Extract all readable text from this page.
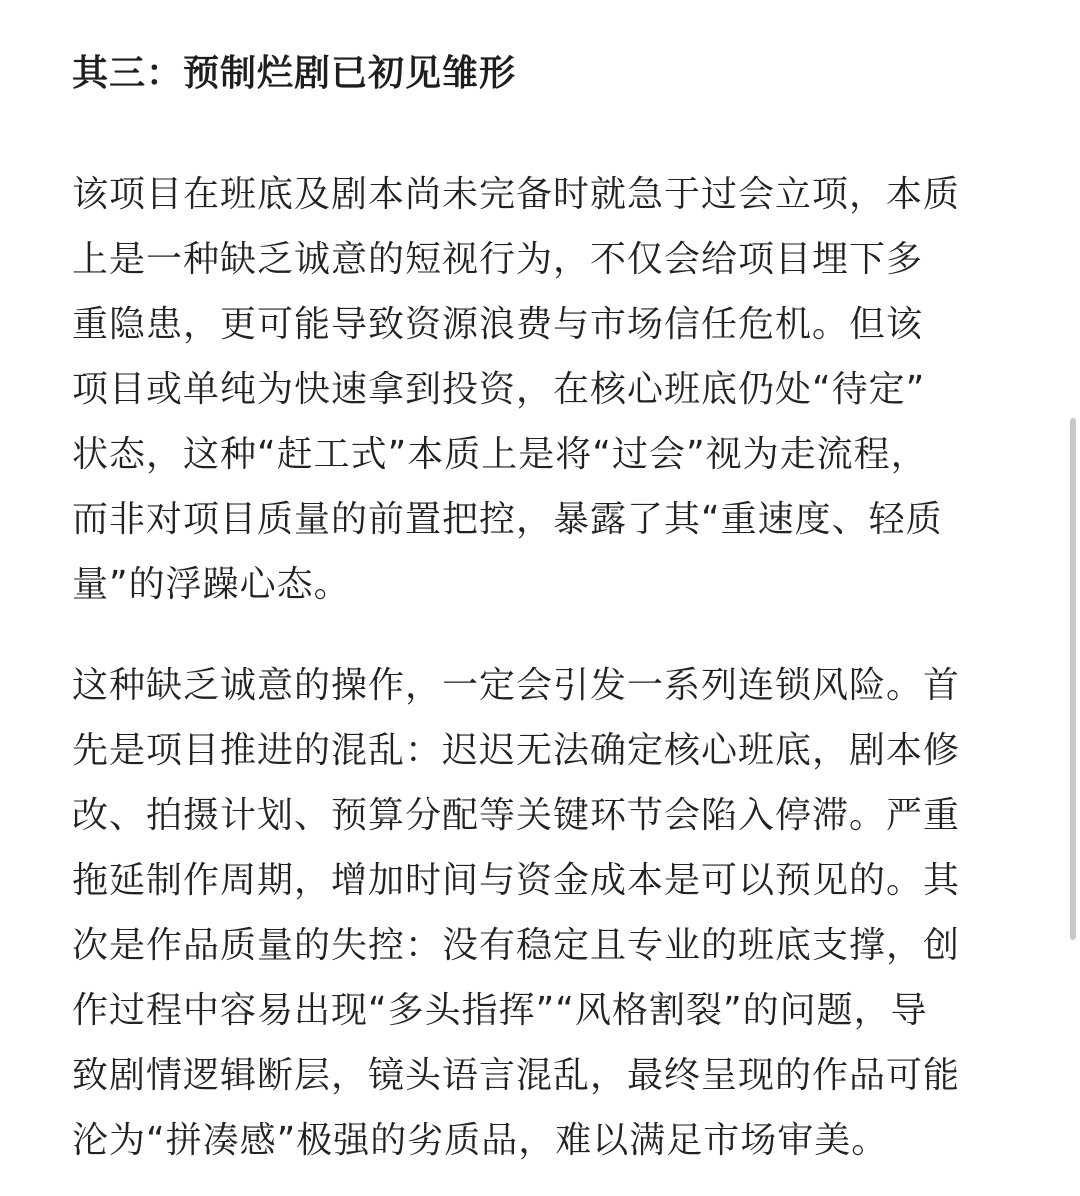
其三：预制烂剧已初见雏形
该项目在班底及剧本尚未完备时就急于过会立项，本质
上是一种缺乏诚意的短视行为，不仅会给项目埋下多
重隐患，更可能导致资源浪费与市场信任危机。但该
项目或单纯为快速拿到投资，在核心班底仍处“待定”
状态，这种“赶工式”本质上是将“过会”视为走流程，
而非对项目质量的前置把控，暴露了其“重速度、轻质
量”的浮躁心态。
这种缺乏诚意的操作，一定会引发一系列连锁风险。首
先是项目推进的混乱：迟迟无法确定核心班底，剧本修
改、拍摄计划、预算分配等关键环节会陷入停滞。严重
拖延制作周期，增加时间与资金成本是可以预见的。其
次是作品质量的失控：没有稳定且专业的班底支撑，创
作过程中容易出现“多头指挥”“风格割裂”的问题，导
致剧情逻辑断层，镜头语言混乱，最终呈现的作品可能
沦为“拼凑感”极强的劣质品，难以满足市场审美。
